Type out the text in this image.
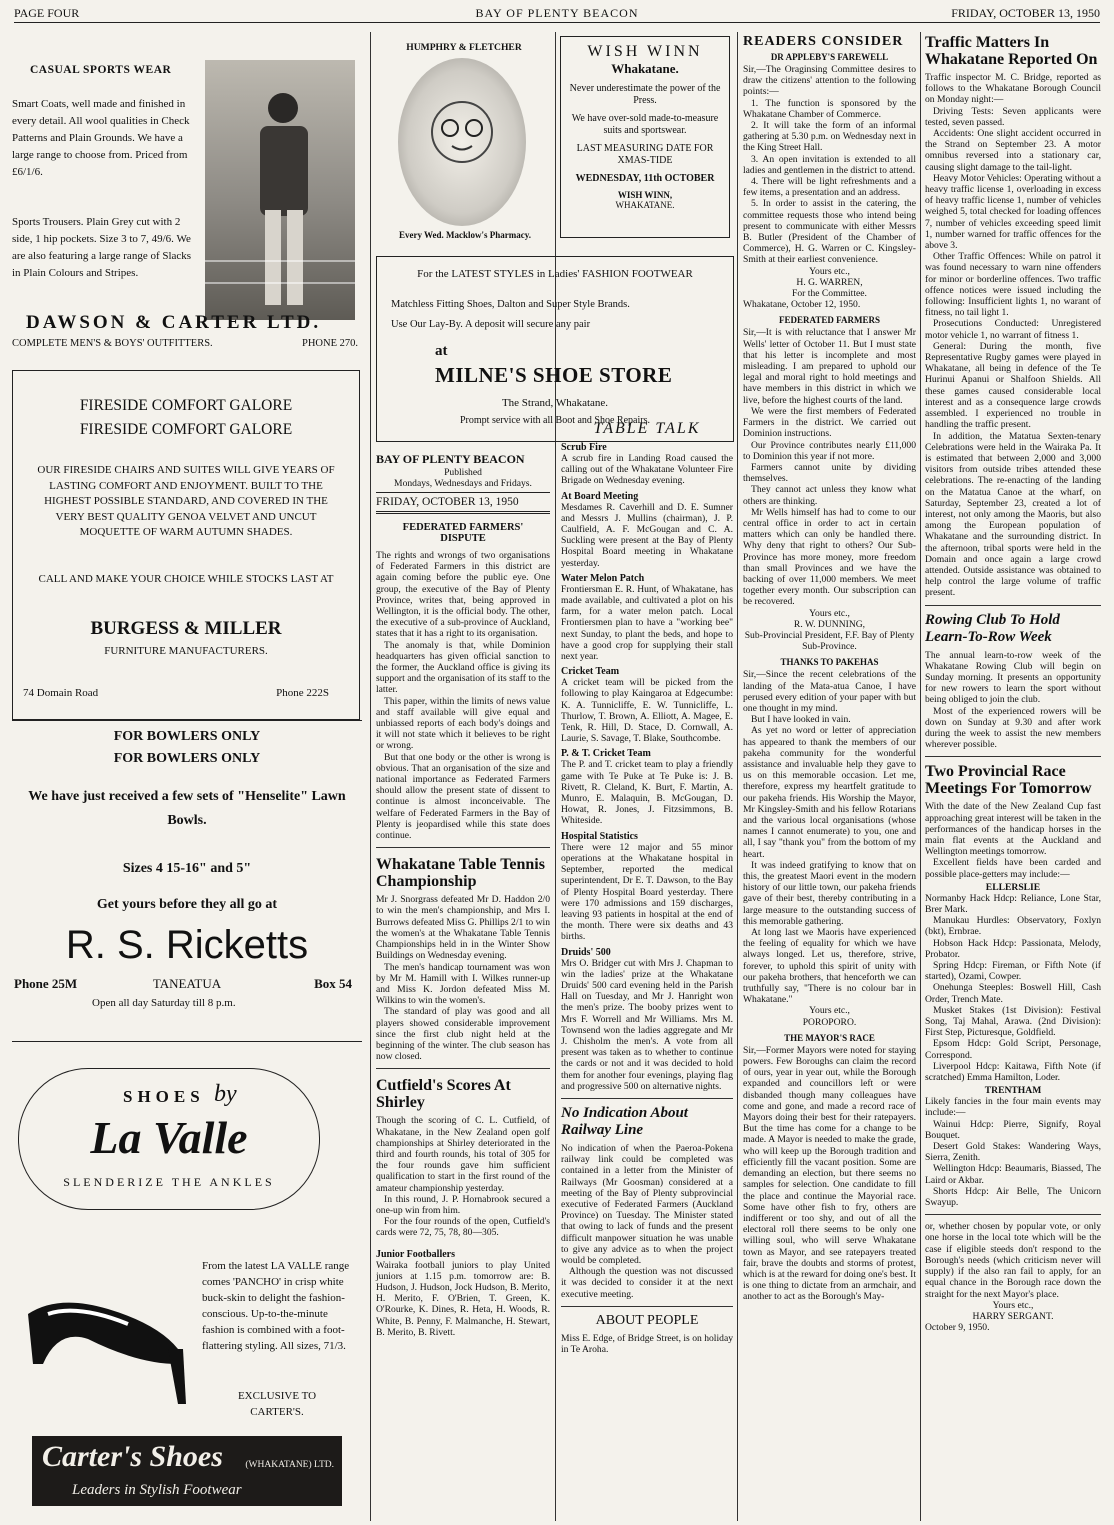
PAGE FOUR	BAY OF PLENTY BEACON	FRIDAY, OCTOBER 13, 1950
CASUAL SPORTS WEAR

Smart Coats, well made and finished in every detail. All wool qualities in Check Patterns and Plain Grounds. We have a large range to choose from. Priced from £6/1/6.

Sports Trousers. Plain Grey cut with 2 side, 1 hip pockets. Size 3 to 7, 49/6. We are also featuring a large range of Slacks in Plain Colours and Stripes.

DAWSON & CARTER LTD.
COMPLETE MEN'S & BOYS' OUTFITTERS.	PHONE 270.
FIRESIDE COMFORT GALORE
FIRESIDE COMFORT GALORE

OUR FIRESIDE CHAIRS AND SUITES WILL GIVE YEARS OF LASTING COMFORT AND ENJOYMENT. BUILT TO THE HIGHEST POSSIBLE STANDARD, AND COVERED IN THE VERY BEST QUALITY GENOA VELVET AND UNCUT MOQUETTE OF WARM AUTUMN SHADES.

CALL AND MAKE YOUR CHOICE WHILE STOCKS LAST AT

BURGESS & MILLER
FURNITURE MANUFACTURERS.
74 Domain Road	Phone 222S
FOR BOWLERS ONLY
FOR BOWLERS ONLY

We have just received a few sets of "Henselite" Lawn Bowls.

Sizes 4 15-16" and 5"
Get yours before they all go at
R. S. Ricketts
Phone 25M	TANEATUA	Box 54
Open all day Saturday till 8 p.m.
SHOES by
La Valle
SLENDERIZE THE ANKLES

From the latest LA VALLE range comes 'PANCHO' in crisp white buck-skin to delight the fashion-conscious. Up-to-the-minute fashion is combined with a foot-flattering styling. All sizes, 71/3.

EXCLUSIVE TO CARTER'S.

Carter's Shoes (WHAKATANE) LTD.
Leaders in Stylish Footwear
HUMPHRY & FLETCHER
Every Wed. Macklow's Pharmacy.
For the LATEST STYLES in Ladies' FASHION FOOTWEAR
Matchless Fitting Shoes, Dalton and Super Style Brands.
Use Our Lay-By. A deposit will secure any pair
at
MILNE'S SHOE STORE
The Strand, Whakatane.
Prompt service with all Boot and Shoe Repairs.
BAY OF PLENTY BEACON
Published
Mondays, Wednesdays and Fridays.
FRIDAY, OCTOBER 13, 1950
FEDERATED FARMERS' DISPUTE

The rights and wrongs of two organisations of Federated Farmers in this district are again coming before the public eye. One group, the executive of the Bay of Plenty Province, writes that, being approved in Wellington, it is the official body. The other, the executive of a sub-province of Auckland, states that it has a right to its organisation.

The anomaly is that, while Dominion headquarters has given official sanction to the former, the Auckland office is giving its support and the organisation of its staff to the latter.

This paper, within the limits of news value and staff available will give equal and unbiassed reports of each body's doings and it will not state which it believes to be right or wrong.

But that one body or the other is wrong is obvious. That an organisation of the size and national importance as Federated Farmers should allow the present state of dissent to continue is almost inconceivable. The welfare of Federated Farmers in the Bay of Plenty is jeopardised while this state does continue.

Whakatane Table Tennis Championship

Mr J. Snorgrass defeated Mr D. Haddon 2/0 to win the men's championship, and Mrs I. Burrows defeated Miss G. Phillips 2/1 to win the women's at the Whakatane Table Tennis Championships held in in the Winter Show Buildings on Wednesday evening.

The men's handicap tournament was won by Mr M. Hamill with I. Wilkes runner-up and Miss K. Jordon defeated Miss M. Wilkins to win the women's.

The standard of play was good and all players showed considerable improvement since the first club night held at the beginning of the winter. The club season has now closed.

Cutfield's Scores At Shirley

Though the scoring of C. L. Cutfield, of Whakatane, in the New Zealand open golf championships at Shirley deteriorated in the third and fourth rounds, his total of 305 for the four rounds gave him sufficient qualification to start in the first round of the amateur championship yesterday.

In this round, J. P. Hornabrook secured a one-up win from him.

For the four rounds of the open, Cutfield's cards were 72, 75, 78, 80—305.

Junior Footballers

Wairaka football juniors to play United juniors at 1.15 p.m. tomorrow are: B. Hudson, J. Hudson, Jock Hudson, B. Merito, H. Merito, F. O'Brien, T. Green, K. O'Rourke, K. Dines, R. Heta, H. Woods, R. White, B. Penny, F. Malmanche, H. Stewart, B. Merito, B. Rivett.

WISH WINN
Whakatane.

Never underestimate the power of the Press.

We have over-sold made-to-measure suits and sportswear.

LAST MEASURING DATE FOR XMAS-TIDE

WEDNESDAY, 11th OCTOBER
WISH WINN,
WHAKATANE.
TABLE TALK
Scrub Fire

A scrub fire in Landing Road caused the calling out of the Whakatane Volunteer Fire Brigade on Wednesday evening.

At Board Meeting

Mesdames R. Caverhill and D. E. Sumner and Messrs J. Mullins (chairman), J. P. Caulfield, A. F. McGougan and C. A. Suckling were present at the Bay of Plenty Hospital Board meeting in Whakatane yesterday.

Water Melon Patch

Frontiersman E. R. Hunt, of Whakatane, has made available, and cultivated a plot on his farm, for a water melon patch. Local Frontiersmen plan to have a "working bee" next Sunday, to plant the beds, and hope to have a good crop for supplying their stall next year.

Cricket Team

A cricket team will be picked from the following to play Kaingaroa at Edgecumbe: K. A. Tunnicliffe, E. W. Tunnicliffe, L. Thurlow, T. Brown, A. Elliott, A. Magee, E. Tenk, R. Hill, D. Stace, D. Cornwall, A. Laurie, S. Savage, T. Blake, Southcombe.

P. & T. Cricket Team

The P. and T. cricket team to play a friendly game with Te Puke at Te Puke is: J. B. Rivett, R. Cleland, K. Burt, F. Martin, A. Munro, E. Malaquin, B. McGougan, D. Howat, R. Jones, J. Fitzsimmons, B. Whiteside.

Hospital Statistics

There were 12 major and 55 minor operations at the Whakatane hospital in September, reported the medical superintendent, Dr E. T. Dawson, to the Bay of Plenty Hospital Board yesterday. There were 170 admissions and 159 discharges, leaving 93 patients in hospital at the end of the month. There were six deaths and 43 births.

Druids' 500

Mrs O. Bridger cut with Mrs J. Chapman to win the ladies' prize at the Whakatane Druids' 500 card evening held in the Parish Hall on Tuesday, and Mr J. Hanright won the men's prize. The booby prizes went to Mrs F. Worrell and Mr Williams. Mrs M. Townsend won the ladies aggregate and Mr J. Chisholm the men's. A vote from all present was taken as to whether to continue the cards or not and it was decided to hold them for another four evenings, playing flag and progressive 500 on alternative nights.

No Indication About Railway Line

No indication of when the Paeroa-Pokena railway link could be completed was contained in a letter from the Minister of Railways (Mr Goosman) considered at a meeting of the Bay of Plenty subprovincial executive of Federated Farmers (Auckland Province) on Tuesday. The Minister stated that owing to lack of funds and the present difficult manpower situation he was unable to give any advice as to when the project would be completed.

Although the question was not discussed it was decided to consider it at the next executive meeting.

ABOUT PEOPLE

Miss E. Edge, of Bridge Street, is on holiday in Te Aroha.

READERS CONSIDER
DR APPLEBY'S FAREWELL

Sir,—The Oraginsing Committee desires to draw the citizens' attention to the following points:—

1. The function is sponsored by the Whakatane Chamber of Commerce.

2. It will take the form of an informal gathering at 5.30 p.m. on Wednesday next in the King Street Hall.

3. An open invitation is extended to all ladies and gentlemen in the district to attend.

4. There will be light refreshments and a few items, a presentation and an address.

5. In order to assist in the catering, the committee requests those who intend being present to communicate with either Messrs B. Butler (President of the Chamber of Commerce), H. G. Warren or C. Kingsley-Smith at their earliest convenience.

Yours etc.,

H. G. WARREN,

For the Committee.

Whakatane, October 12, 1950.

FEDERATED FARMERS

Sir,—It is with reluctance that I answer Mr Wells' letter of October 11. But I must state that his letter is incomplete and most misleading. I am prepared to uphold our legal and moral right to hold meetings and have members in this district in which we live, before the highest courts of the land.

We were the first members of Federated Farmers in the district. We carried out Dominion instructions.

Our Province contributes nearly £11,000 to Dominion this year if not more.

Farmers cannot unite by dividing themselves.

They cannot act unless they know what others are thinking.

Mr Wells himself has had to come to our central office in order to act in certain matters which can only be handled there. Why deny that right to others? Our Sub-Province has more money, more freedom than small Provinces and we have the backing of over 11,000 members. We meet together every month. Our subscription can be recovered.

Yours etc.,

R. W. DUNNING,

Sub-Provincial President, F.F. Bay of Plenty Sub-Province.

THANKS TO PAKEHAS

Sir,—Since the recent celebrations of the landing of the Mata-atua Canoe, I have perused every edition of your paper with but one thought in my mind.

But I have looked in vain.

As yet no word or letter of appreciation has appeared to thank the members of our pakeha community for the wonderful assistance and invaluable help they gave to us on this memorable occasion. Let me, therefore, express my heartfelt gratitude to our pakeha friends. His Worship the Mayor, Mr Kingsley-Smith and his fellow Rotarians and the various local organisations (whose names I cannot enumerate) to you, one and all, I say "thank you" from the bottom of my heart.

It was indeed gratifying to know that on this, the greatest Maori event in the modern history of our little town, our pakeha friends gave of their best, thereby contributing in a large measure to the outstanding success of this memorable gathering.

At long last we Maoris have experienced the feeling of equality for which we have always longed. Let us, therefore, strive, forever, to uphold this spirit of unity with our pakeha brothers, that henceforth we can truthfully say, "There is no colour bar in Whakatane."

Yours etc.,

POROPORO.

THE MAYOR'S RACE

Sir,—Former Mayors were noted for staying powers. Few Boroughs can claim the record of ours, year in year out, while the Borough expanded and councillors left or were disbanded though many colleagues have come and gone, and made a record race of Mayors doing their best for their ratepayers. But the time has come for a change to be made. A Mayor is needed to make the grade, who will keep up the Borough tradition and efficiently fill the vacant position. Some are demanding an election, but there seems no samples for selection. One candidate to fill the place and continue the Mayorial race. Some have other fish to fry, others are indifferent or too shy, and out of all the electoral roll there seems to be only one willing soul, who will serve Whakatane town as Mayor, and see ratepayers treated fair, brave the doubts and storms of protest, which is at the reward for doing one's best. It is one thing to dictate from an armchair, and another to act as the Borough's May-

Traffic Matters In Whakatane Reported On

Traffic inspector M. C. Bridge, reported as follows to the Whakatane Borough Council on Monday night:—

Driving Tests: Seven applicants were tested, seven passed.

Accidents: One slight accident occurred in the Strand on September 23. A motor omnibus reversed into a stationary car, causing slight damage to the tail-light.

Heavy Motor Vehicles: Operating without a heavy traffic license 1, overloading in excess of heavy traffic license 1, number of vehicles weighed 5, total checked for loading offences 7, number of vehicles exceeding speed limit 1, number warned for traffic offences for the above 3.

Other Traffic Offences: While on patrol it was found necessary to warn nine offenders for minor or borderline offences. Two traffic offence notices were issued including the following: Insufficient lights 1, no warant of fitness, no tail light 1.

Prosecutions Conducted: Unregistered motor vehicle 1, no warrant of fitness 1.

General: During the month, five Representative Rugby games were played in Whakatane, all being in defence of the Te Hurinui Apanui or Shalfoon Shields. All these games caused considerable local interest and as a consequence large crowds assembled. I experienced no trouble in handling the traffic present.

In addition, the Matatua Sexten-tenary Celebrations were held in the Wairaka Pa. It is estimated that between 2,000 and 3,000 visitors from outside tribes attended these celebrations. The re-enacting of the landing on the Matatua Canoe at the wharf, on Saturday, September 23, created a lot of interest, not only among the Maoris, but also among the European population of Whakatane and the surrounding district. In the afternoon, tribal sports were held in the Domain and once again a large crowd attended. Outside assistance was obtained to help control the large volume of traffic present.

Rowing Club To Hold Learn-To-Row Week

The annual learn-to-row week of the Whakatane Rowing Club will begin on Sunday morning. It presents an opportunity for new rowers to learn the sport without being obliged to join the club.

Most of the experienced rowers will be down on Sunday at 9.30 and after work during the week to assist the new members wherever possible.

Two Provincial Race Meetings For Tomorrow

With the date of the New Zealand Cup fast approaching great interest will be taken in the performances of the handicap horses in the main flat events at the Auckland and Wellington meetings tomorrow.

Excellent fields have been carded and possible place-getters may include:—

ELLERSLIE

Normanby Hack Hdcp: Reliance, Lone Star, Brer Mark.

Manukau Hurdles: Observatory, Foxlyn (bkt), Ernbrae.

Hobson Hack Hdcp: Passionata, Melody, Probator.

Spring Hdcp: Fireman, or Fifth Note (if started), Ozami, Cowper.

Onehunga Steeples: Boswell Hill, Cash Order, Trench Mate.

Musket Stakes (1st Division): Festival Song, Taj Mahal, Arawa. (2nd Division): First Step, Picturesque, Goldfield.

Epsom Hdcp: Gold Script, Personage, Correspond.

Liverpool Hdcp: Kaitawa, Fifth Note (if scratched) Emma Hamilton, Loder.

TRENTHAM

Likely fancies in the four main events may include:—

Wainui Hdcp: Pierre, Signify, Royal Bouquet.

Desert Gold Stakes: Wandering Ways, Sierra, Zenith.

Wellington Hdcp: Beaumaris, Biassed, The Laird or Akbar.

Shorts Hdcp: Air Belle, The Unicorn Swayup.

or, whether chosen by popular vote, or only one horse in the local tote which will be the case if eligible steeds don't respond to the Borough's needs (which criticism never will supply) if the also ran fail to apply, for an equal chance in the Borough race down the straight for the next Mayor's place.

Yours etc.,

HARRY SERGANT.

October 9, 1950.
